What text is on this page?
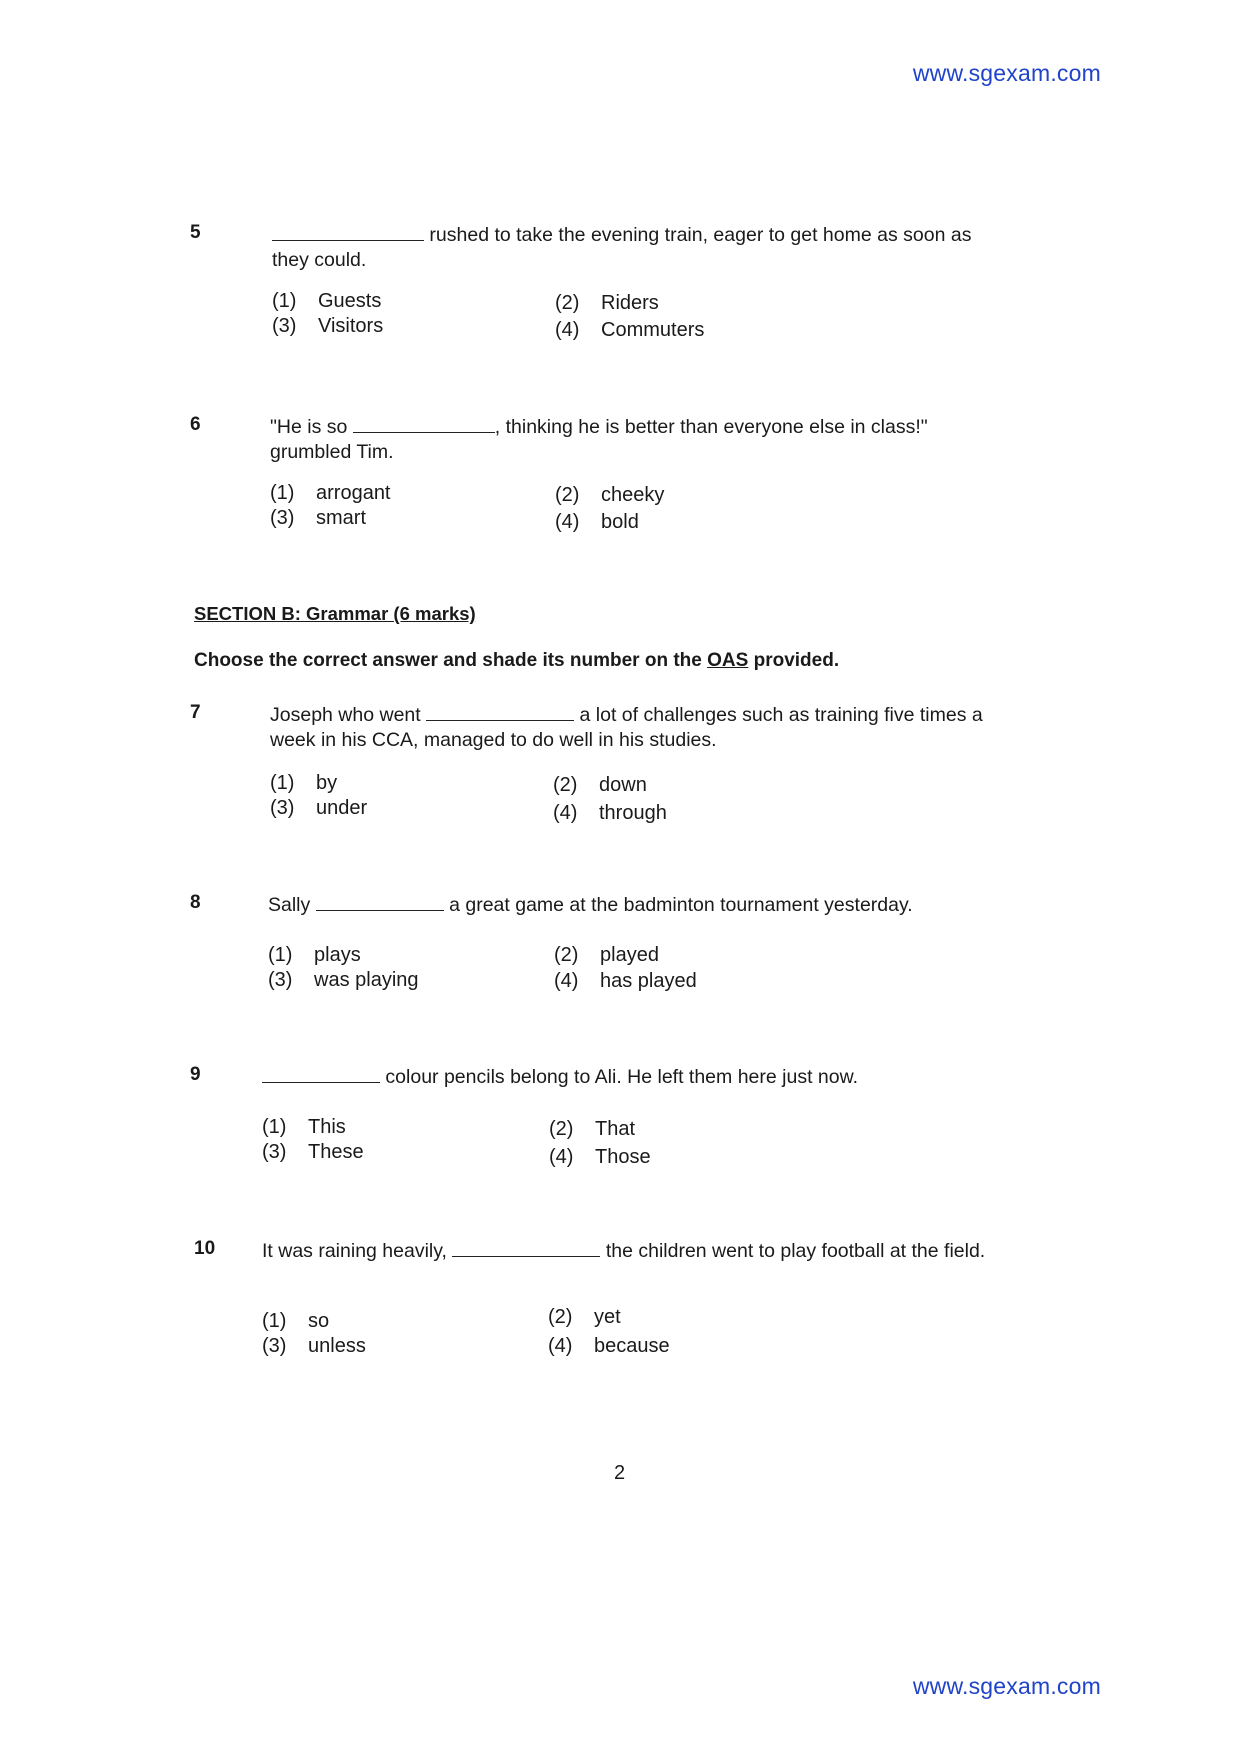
www.sgexam.com
5	rushed to take the evening train, eager to get home as soon as they could.
(1) Guests	(2) Riders
(3) Visitors	(4) Commuters
6	"He is so	, thinking he is better than everyone else in class!" grumbled Tim.
(1) arrogant	(2) cheeky
(3) smart	(4) bold
SECTION B: Grammar (6 marks)
Choose the correct answer and shade its number on the OAS provided.
7	Joseph who went	a lot of challenges such as training five times a week in his CCA, managed to do well in his studies.
(1) by	(2) down
(3) under	(4) through
8	Sally	a great game at the badminton tournament yesterday.
(1) plays	(2) played
(3) was playing	(4) has played
9	colour pencils belong to Ali. He left them here just now.
(1) This	(2) That
(3) These	(4) Those
10 It was raining heavily,	the children went to play football at the field.
(1) so	(2) yet
(3) unless	(4) because
2
www.sgexam.com
